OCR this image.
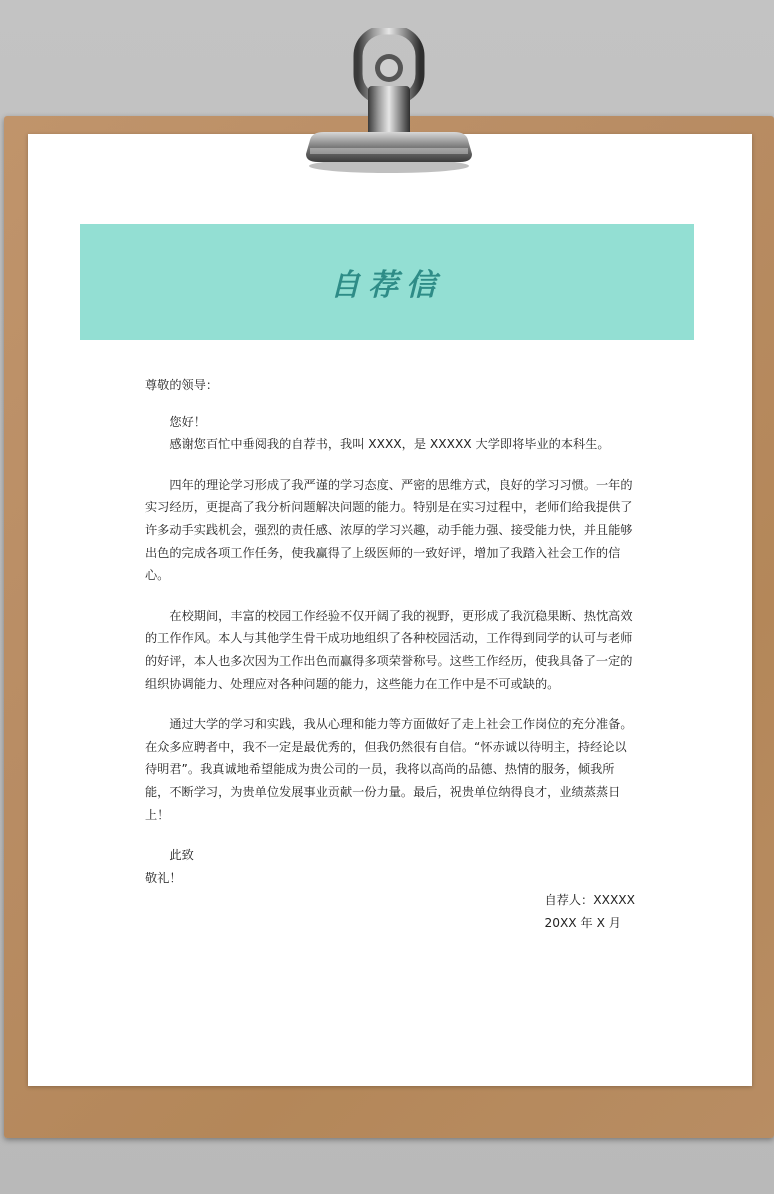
自荐信

尊敬的领导：

您好！

感谢您百忙中垂阅我的自荐书，我叫 XXXX，是 XXXXX 大学即将毕业的本科生。

四年的理论学习形成了我严谨的学习态度、严密的思维方式，良好的学习习惯。一年的实习经历，更提高了我分析问题解决问题的能力。特别是在实习过程中，老师们给我提供了许多动手实践机会，强烈的责任感、浓厚的学习兴趣，动手能力强、接受能力快，并且能够出色的完成各项工作任务，使我赢得了上级医师的一致好评，增加了我踏入社会工作的信心。

在校期间，丰富的校园工作经验不仅开阔了我的视野，更形成了我沉稳果断、热忱高效的工作作风。本人与其他学生骨干成功地组织了各种校园活动，工作得到同学的认可与老师的好评，本人也多次因为工作出色而赢得多项荣誉称号。这些工作经历，使我具备了一定的组织协调能力、处理应对各种问题的能力，这些能力在工作中是不可或缺的。

通过大学的学习和实践，我从心理和能力等方面做好了走上社会工作岗位的充分准备。在众多应聘者中，我不一定是最优秀的，但我仍然很有自信。“怀赤诚以待明主，持经论以待明君”。我真诚地希望能成为贵公司的一员，我将以高尚的品德、热情的服务，倾我所能，不断学习，为贵单位发展事业贡献一份力量。最后，祝贵单位纳得良才，业绩蒸蒸日上！

此致

敬礼！

自荐人：XXXXX

20XX 年 X 月
